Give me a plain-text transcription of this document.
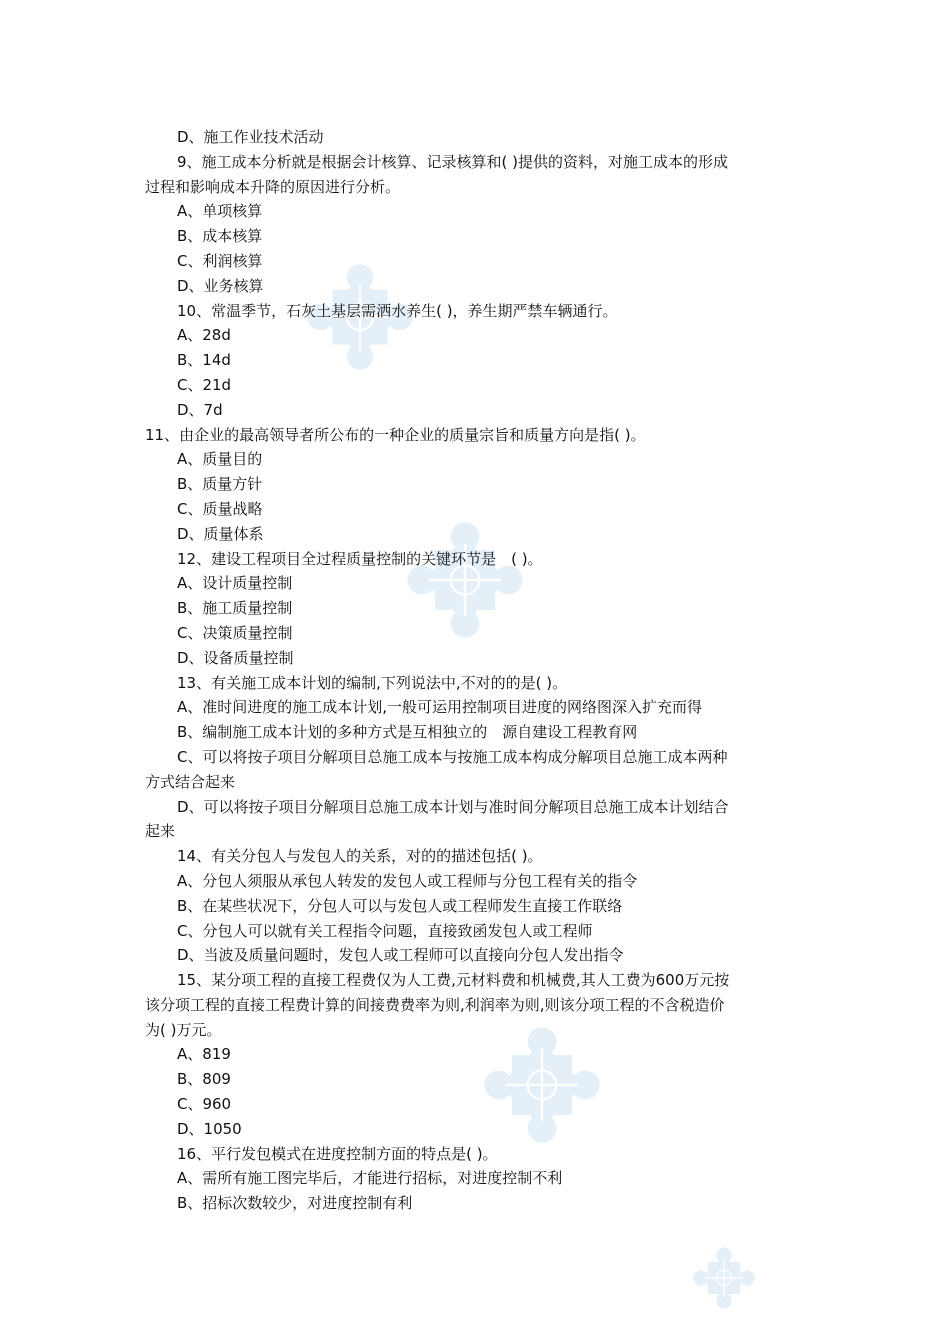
D、施工作业技术活动
9、施工成本分析就是根据会计核算、记录核算和( )提供的资料，对施工成本的形成
过程和影响成本升降的原因进行分析。
A、单项核算
B、成本核算
C、利润核算
D、业务核算
10、常温季节，石灰土基层需洒水养生( )，养生期严禁车辆通行。
A、28d
B、14d
C、21d
D、7d
11、由企业的最高领导者所公布的一种企业的质量宗旨和质量方向是指( )。
A、质量目的
B、质量方针
C、质量战略
D、质量体系
12、建设工程项目全过程质量控制的关键环节是　( )。
A、设计质量控制
B、施工质量控制
C、决策质量控制
D、设备质量控制
13、有关施工成本计划的编制,下列说法中,不对的的是( )。
A、准时间进度的施工成本计划,一般可运用控制项目进度的网络图深入扩充而得
B、编制施工成本计划的多种方式是互相独立的　源自建设工程教育网
C、可以将按子项目分解项目总施工成本与按施工成本构成分解项目总施工成本两种
方式结合起来
D、可以将按子项目分解项目总施工成本计划与准时间分解项目总施工成本计划结合
起来
14、有关分包人与发包人的关系，对的的描述包括( )。
A、分包人须服从承包人转发的发包人或工程师与分包工程有关的指令
B、在某些状况下，分包人可以与发包人或工程师发生直接工作联络
C、分包人可以就有关工程指令问题，直接致函发包人或工程师
D、当波及质量问题时，发包人或工程师可以直接向分包人发出指令
15、某分项工程的直接工程费仅为人工费,元材料费和机械费,其人工费为600万元按
该分项工程的直接工程费计算的间接费费率为则,利润率为则,则该分项工程的不含税造价
为( )万元。
A、819
B、809
C、960
D、1050
16、平行发包模式在进度控制方面的特点是( )。
A、需所有施工图完毕后，才能进行招标，对进度控制不利
B、招标次数较少，对进度控制有利
